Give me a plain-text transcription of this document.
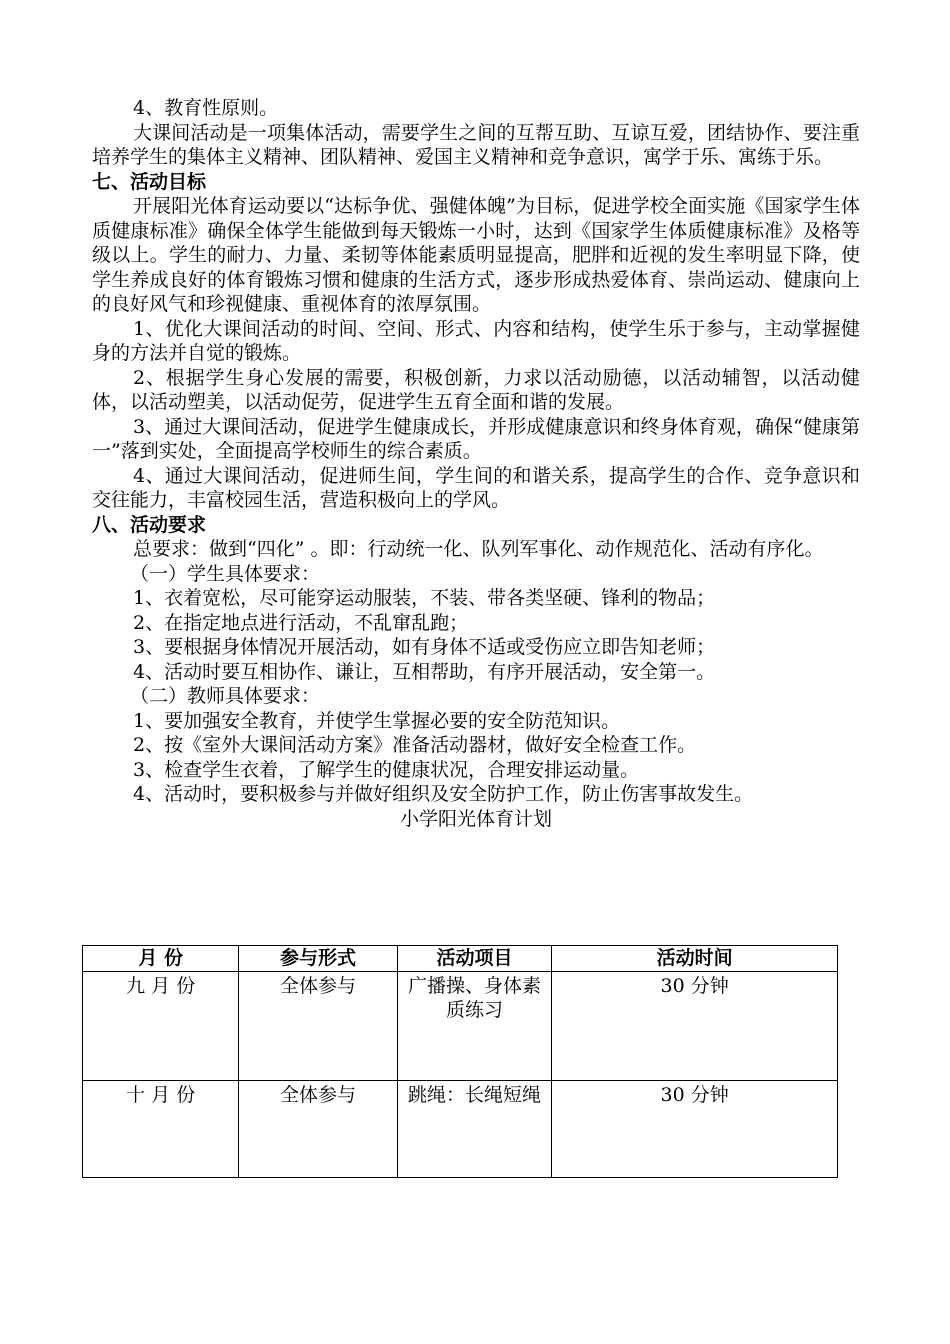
4、教育性原则。

大课间活动是一项集体活动，需要学生之间的互帮互助、互谅互爱，团结协作、要注重培养学生的集体主义精神、团队精神、爱国主义精神和竞争意识，寓学于乐、寓练于乐。

七、活动目标

开展阳光体育运动要以“达标争优、强健体魄”为目标，促进学校全面实施《国家学生体质健康标准》确保全体学生能做到每天锻炼一小时，达到《国家学生体质健康标准》及格等级以上。学生的耐力、力量、柔韧等体能素质明显提高，肥胖和近视的发生率明显下降，使学生养成良好的体育锻炼习惯和健康的生活方式，逐步形成热爱体育、崇尚运动、健康向上的良好风气和珍视健康、重视体育的浓厚氛围。

1、优化大课间活动的时间、空间、形式、内容和结构，使学生乐于参与，主动掌握健身的方法并自觉的锻炼。

2、根据学生身心发展的需要，积极创新，力求以活动励德，以活动辅智，以活动健体，以活动塑美，以活动促劳，促进学生五育全面和谐的发展。

3、通过大课间活动，促进学生健康成长，并形成健康意识和终身体育观，确保“健康第一”落到实处，全面提高学校师生的综合素质。

4、通过大课间活动，促进师生间，学生间的和谐关系，提高学生的合作、竞争意识和交往能力，丰富校园生活，营造积极向上的学风。

八、活动要求

总要求：做到“四化” 。即：行动统一化、队列军事化、动作规范化、活动有序化。

（一）学生具体要求：

1、衣着宽松，尽可能穿运动服装，不装、带各类坚硬、锋利的物品；

2、在指定地点进行活动，不乱窜乱跑；

3、要根据身体情况开展活动，如有身体不适或受伤应立即告知老师；

4、活动时要互相协作、谦让，互相帮助，有序开展活动，安全第一。

（二）教师具体要求：

1、要加强安全教育，并使学生掌握必要的安全防范知识。

2、按《室外大课间活动方案》准备活动器材，做好安全检查工作。

3、检查学生衣着，了解学生的健康状况，合理安排运动量。

4、活动时，要积极参与并做好组织及安全防护工作，防止伤害事故发生。

小学阳光体育计划

月 份	参与形式	活动项目	活动时间
九 月 份	全体参与	广播操、身体素质练习	30 分钟
十 月 份	全体参与	跳绳：长绳短绳	30 分钟
